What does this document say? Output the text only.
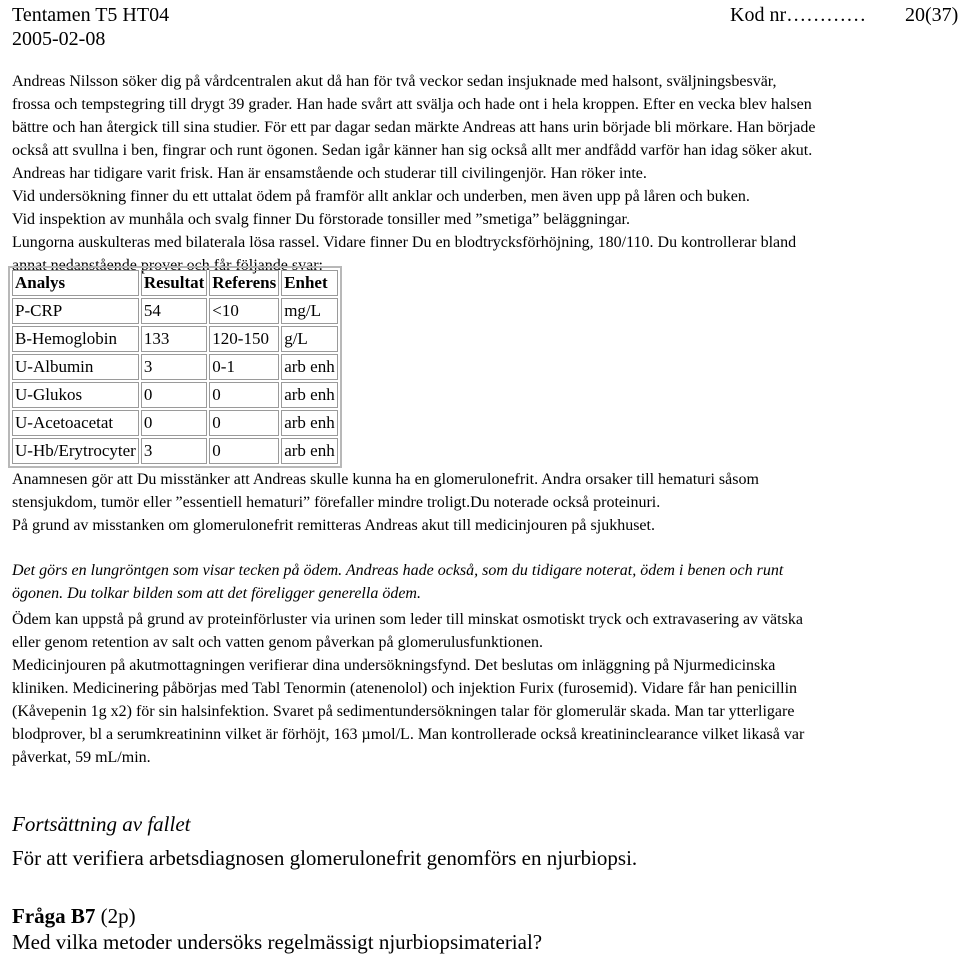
Tentamen T5 HT04
2005-02-08
Kod nr………… 20(37)
Andreas Nilsson söker dig på vårdcentralen akut då han för två veckor sedan insjuknade med halsont, sväljningsbesvär,
frossa och tempstegring till drygt 39 grader. Han hade svårt att svälja och hade ont i hela kroppen. Efter en vecka blev halsen
bättre och han återgick till sina studier. För ett par dagar sedan märkte Andreas att hans urin började bli mörkare. Han började
också att svullna i ben, fingrar och runt ögonen. Sedan igår känner han sig också allt mer andfådd varför han idag söker akut.
Andreas har tidigare varit frisk. Han är ensamstående och studerar till civilingenjör. Han röker inte.
Vid undersökning finner du ett uttalat ödem på framför allt anklar och underben, men även upp på låren och buken.
Vid inspektion av munhåla och svalg finner Du förstorade tonsiller med ”smetiga” beläggningar.
Lungorna auskulteras med bilaterala lösa rassel. Vidare finner Du en blodtrycksförhöjning, 180/110. Du kontrollerar bland
annat nedanstående prover och får följande svar:
Analys	Resultat	Referens	Enhet
P-CRP	54	<10	mg/L
B-Hemoglobin	133	120-150	g/L
U-Albumin	3	0-1	arb enh
U-Glukos	0	0	arb enh
U-Acetoacetat	0	0	arb enh
U-Hb/Erytrocyter	3	0	arb enh
Anamnesen gör att Du misstänker att Andreas skulle kunna ha en glomerulonefrit. Andra orsaker till hematuri såsom
stensjukdom, tumör eller ”essentiell hematuri” förefaller mindre troligt.Du noterade också proteinuri.
På grund av misstanken om glomerulonefrit remitteras Andreas akut till medicinjouren på sjukhuset.
Det görs en lungröntgen som visar tecken på ödem. Andreas hade också, som du tidigare noterat, ödem i benen och runt
ögonen. Du tolkar bilden som att det föreligger generella ödem.
Ödem kan uppstå på grund av proteinförluster via urinen som leder till minskat osmotiskt tryck och extravasering av vätska
eller genom retention av salt och vatten genom påverkan på glomerulusfunktionen.
Medicinjouren på akutmottagningen verifierar dina undersökningsfynd. Det beslutas om inläggning på Njurmedicinska
kliniken. Medicinering påbörjas med Tabl Tenormin (atenenolol) och injektion Furix (furosemid). Vidare får han penicillin
(Kåvepenin 1g x2) för sin halsinfektion. Svaret på sedimentundersökningen talar för glomerulär skada. Man tar ytterligare
blodprover, bl a serumkreatininn vilket är förhöjt, 163 µmol/L. Man kontrollerade också kreatininclearance vilket likaså var
påverkat, 59 mL/min.
Fortsättning av fallet
För att verifiera arbetsdiagnosen glomerulonefrit genomförs en njurbiopsi.
Fråga B7 (2p)
Med vilka metoder undersöks regelmässigt njurbiopsimaterial?
